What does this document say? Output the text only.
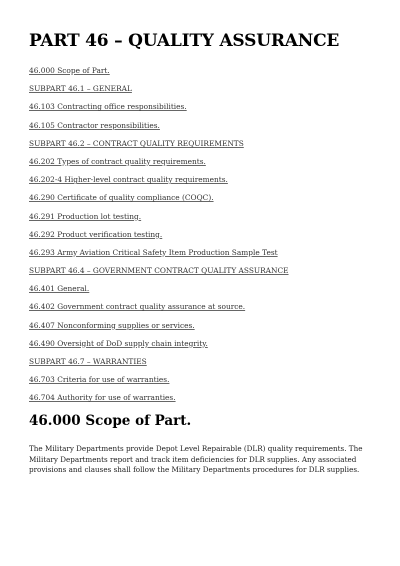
PART 46 – QUALITY ASSURANCE
46.000 Scope of Part.
SUBPART 46.1 – GENERAL
46.103 Contracting office responsibilities.
46.105 Contractor responsibilities.
SUBPART 46.2 – CONTRACT QUALITY REQUIREMENTS
46.202 Types of contract quality requirements.
46.202-4 Higher-level contract quality requirements.
46.290 Certificate of quality compliance (COQC).
46.291 Production lot testing.
46.292 Product verification testing.
46.293 Army Aviation Critical Safety Item Production Sample Test
SUBPART 46.4 – GOVERNMENT CONTRACT QUALITY ASSURANCE
46.401 General.
46.402 Government contract quality assurance at source.
46.407 Nonconforming supplies or services.
46.490 Oversight of DoD supply chain integrity.
SUBPART 46.7 – WARRANTIES
46.703 Criteria for use of warranties.
46.704 Authority for use of warranties.
46.000 Scope of Part.

The Military Departments provide Depot Level Repairable (DLR) quality requirements. The Military Departments report and track item deficiencies for DLR supplies. Any associated provisions and clauses shall follow the Military Departments procedures for DLR supplies.
